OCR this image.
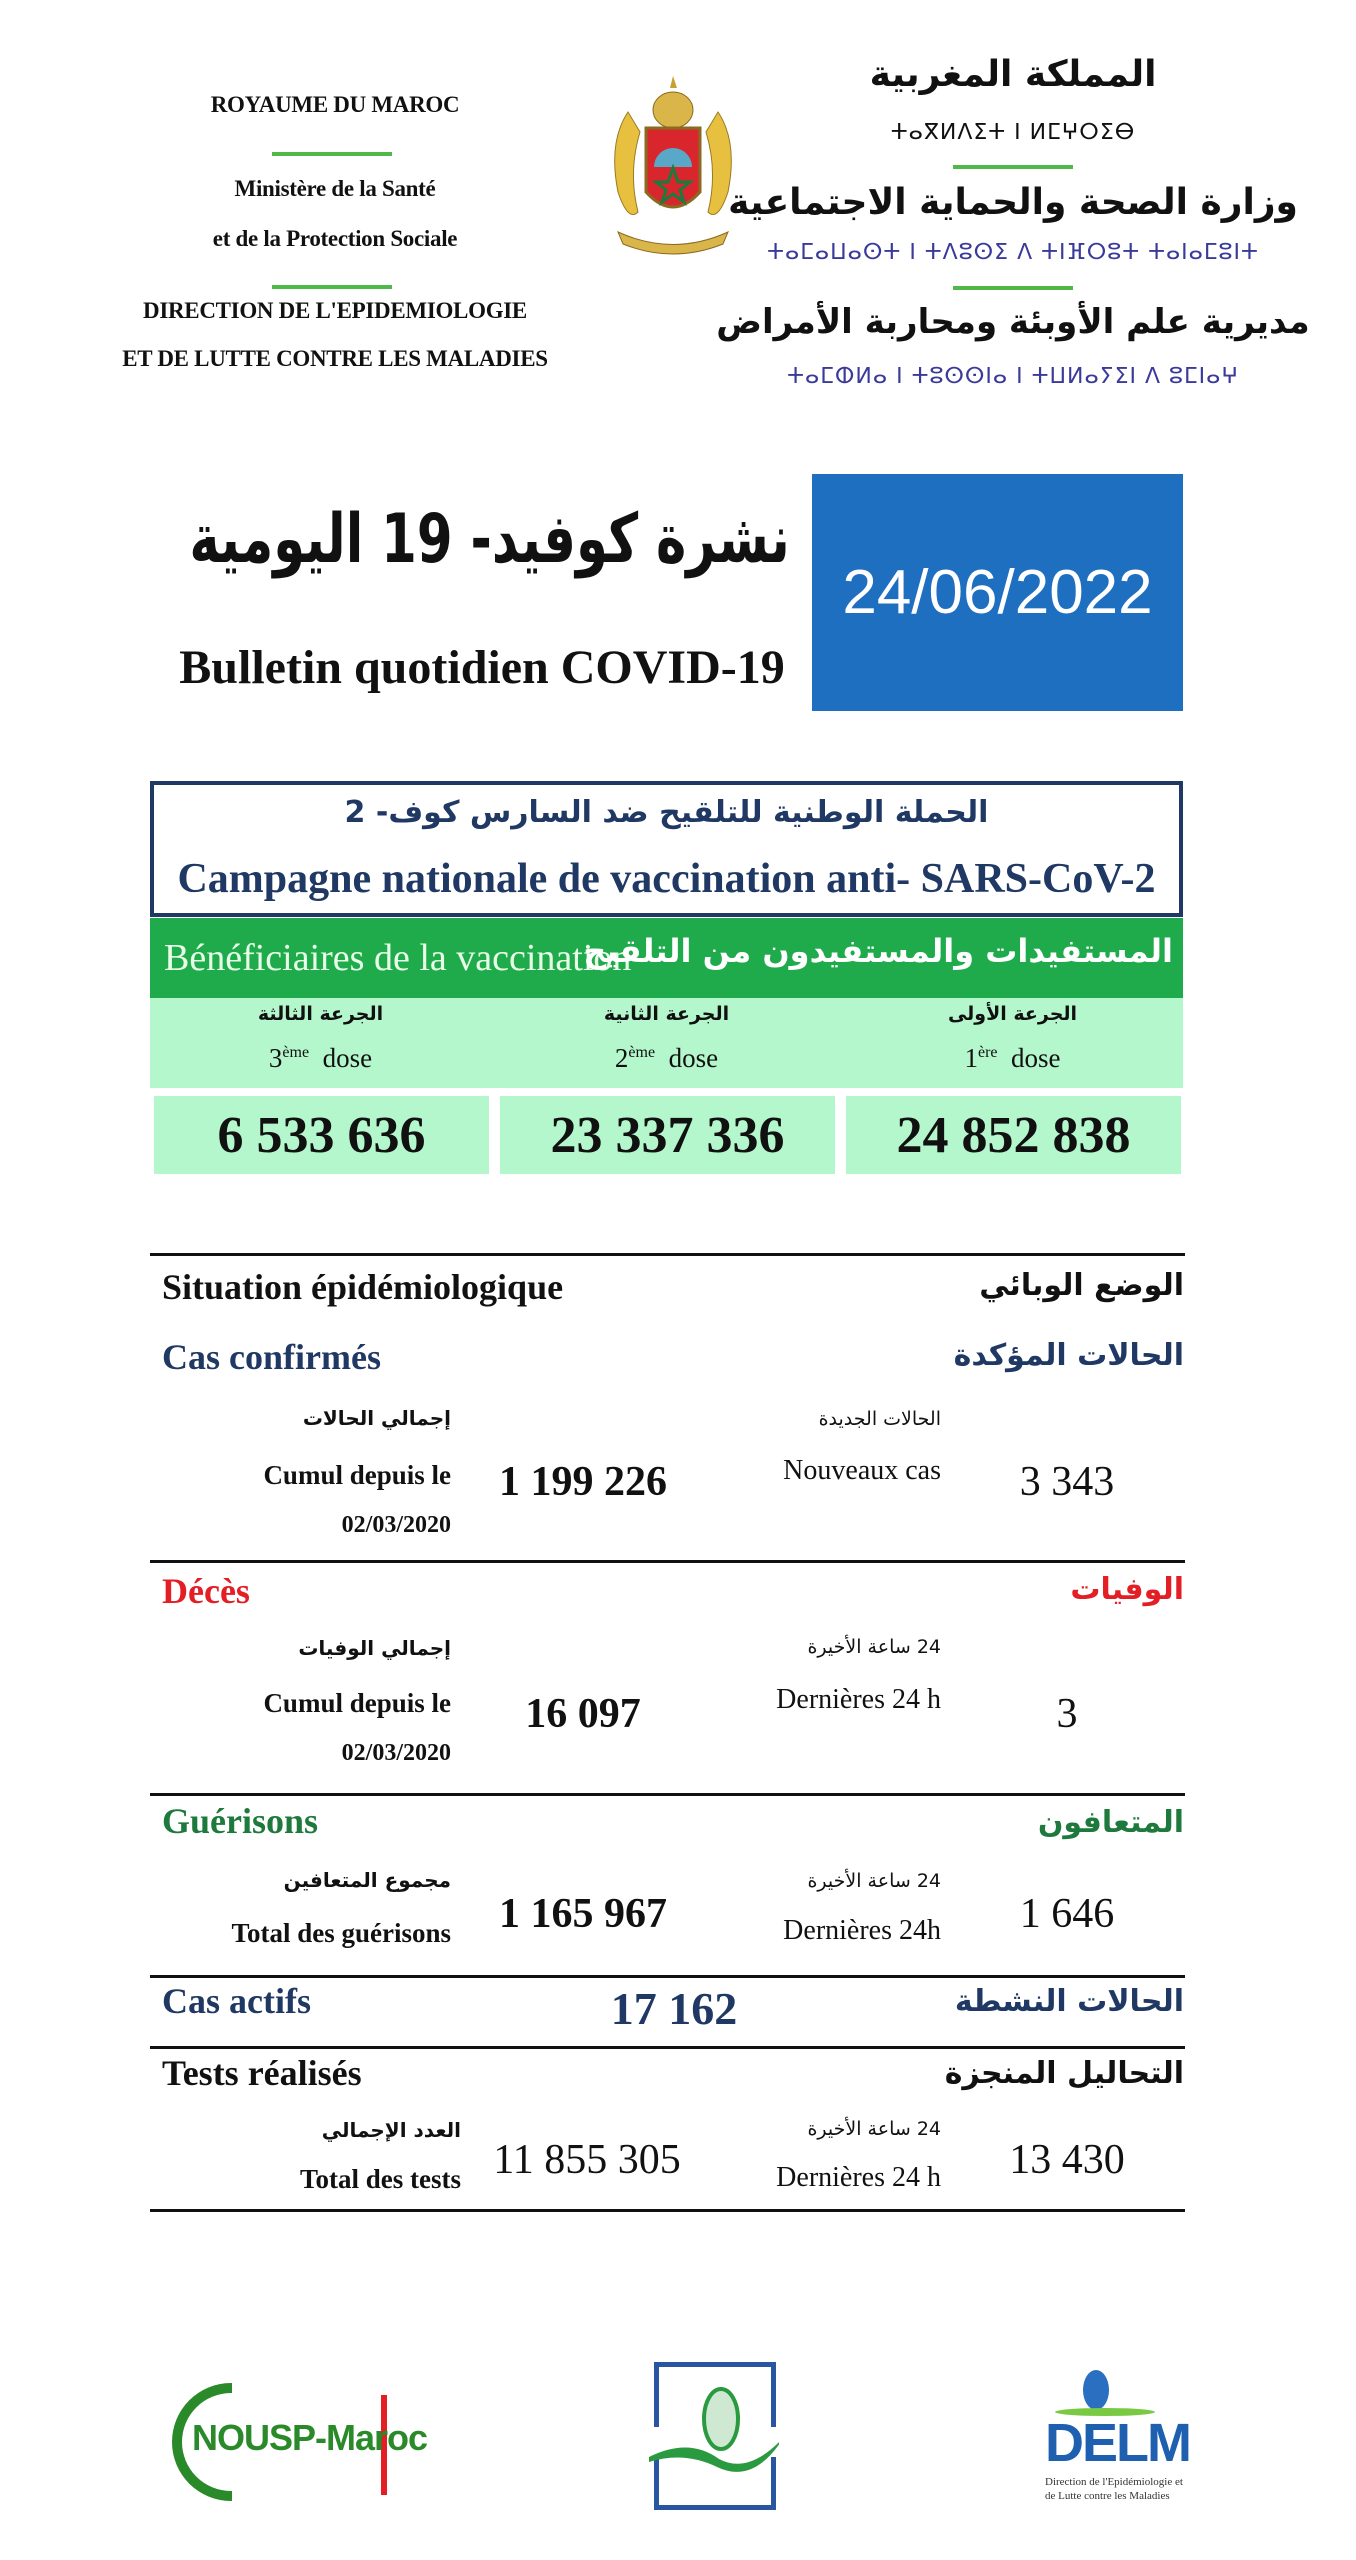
ROYAUME DU MAROC
Ministère de la Santé
et de la Protection Sociale
DIRECTION DE L'EPIDEMIOLOGIE
ET DE LUTTE CONTRE LES MALADIES
المملكة المغربية
ⵜⴰⴳⵍⴷⵉⵜ ⵏ ⵍⵎⵖⵔⵉⴱ
وزارة الصحة والحماية الاجتماعية
ⵜⴰⵎⴰⵡⴰⵙⵜ ⵏ ⵜⴷⵓⵙⵉ ⴷ ⵜⵏⴼⵔⵓⵜ ⵜⴰⵏⴰⵎⵓⵏⵜ
مديرية علم الأوبئة ومحاربة الأمراض
ⵜⴰⵎⵀⵍⴰ ⵏ ⵜⵓⵙⵙⵏⴰ ⵏ ⵜⵡⵍⴰⵢⵉⵏ ⴷ ⵓⵎⵏⴰⵖ
نشرة كوفيد- 19 اليومية
Bulletin quotidien COVID-19
24/06/2022
الحملة الوطنية للتلقيح ضد السارس كوف- 2
Campagne nationale de vaccination anti- SARS-CoV-2
Bénéficiaires de la vaccination
المستفيدات والمستفيدون من التلقيح
الجرعة الثالثة
3ème dose
6 533 636
الجرعة الثانية
2ème dose
23 337 336
الجرعة الأولى
1ère dose
24 852 838
Situation épidémiologique	الوضع الوبائي
Cas confirmés	الحالات المؤكدة
إجمالي الحالات
Cumul depuis le
02/03/2020
1 199 226
الحالات الجديدة
Nouveaux cas 3 343
Décès	الوفيات
إجمالي الوفيات
Cumul depuis le
02/03/2020
16 097
24 ساعة الأخيرة
Dernières 24 h	3
Guérisons	المتعافون
مجموع المتعافين
Total des guérisons 1 165 967
24 ساعة الأخيرة
Dernières 24h 1 646
Cas actifs	17 162	الحالات النشطة
Tests réalisés	التحاليل المنجزة
العدد الإجمالي
Total des tests 11 855 305
24 ساعة الأخيرة
Dernières 24 h 13 430
NOUSP-Maroc	DELM
Direction de l'Epidémiologie et de Lutte contre les Maladies
